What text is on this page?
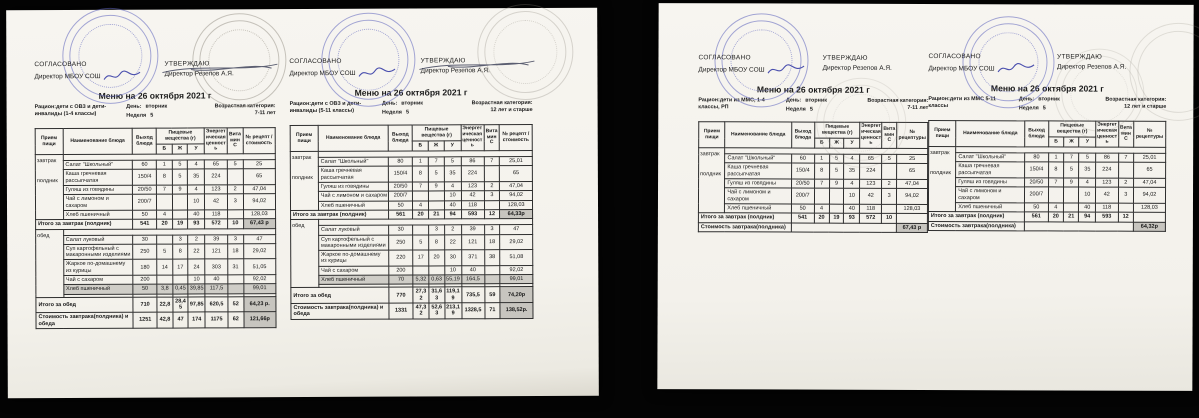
СОГЛАСОВАНО
Директор МБОУ СОШ
УТВЕРЖДАЮ
Директор Резепов А.Я.
Меню на 26 октября 2021 г
Рацион:дети с ОВЗ и дети-инвалиды (1-4 классы)
День: вторник
Неделя 5
Возрастная категория:
7-11 лет
Прием пищи	Наименование блюда	Выход блюда	Пищевые вещества (г)			Энергетическая ценность	Витамин С	№ рецепт /стоимость
			Б	Ж	У			

завтрак
полдник								

	Салат "Школьный"	60	1	5	4	65	5	25
	Каша гречневая рассыпчатая	150/4	8	5	35	224		65
	Гуляш из говядины	20/50	7	9	4	123	2	47,04
	Чай с лимоном и сахаром	200/7			10	42	3	94,02
	Хлеб пшеничный	50	4		40	118		128,03
Итого за завтрак (полдник)		541	20	19	93	572	10	67,43 р

обед								

	Салат луковый	30		3	2	39	3	47
	Суп картофельный с макаронными изделиями	250	5	8	22	121	18	29,02
	Жаркое по-домашнему из курицы	180	14	17	24	303	31	51,05
	Чай с сахаром	200			10	40		92,02
	Хлеб пшеничный	50	3,8	0,45	39,85	117,5		99,01

Итого за обед		710	22,8	28,45	97,85	620,5	52	64,23 р.
Стоимость завтрака(полдника) и обеда		1251	42,8	47	174	1175	62	121,66р
СОГЛАСОВАНО
Директор МБОУ СОШ
УТВЕРЖДАЮ
Директор Резепов А.Я.
Меню на 26 октября 2021 г
Рацион:дети с ОВЗ и дети-инвалиды (5-11 классы)
День: вторник
Неделя 5
Возрастная категория:
12 лет и старше
Прием пищи	Наименование блюда	Выход блюда	Пищевые вещества (г)			Энергетическая ценность	Витамин С	№ рецепт /стоимость
			Б	Ж	У			

завтрак
полдник								

	Салат "Школьный"	80	1	7	5	86	7	25,01
	Каша гречневая рассыпчатая	150/4	8	5	35	224		65
	Гуляш из говядины	20/50	7	9	4	123	2	47,04
	Чай с лимоном и сахаром	200/7			10	42	3	94,02
	Хлеб пшеничный	50	4		40	118		128,03
Итого за завтрак (полдник)		561	20	21	94	593	12	64,33р

обед								

	Салат луковый	30		3	2	39	3	47
	Суп картофельный с макаронными изделиями	250	5	8	22	121	18	29,02
	Жаркое по-домашнему из курицы	220	17	20	30	371	38	51,08
	Чай с сахаром	200			10	40		92,02
	Хлеб пшеничный	70	5,32	0,63	55,19	164,5		99,01

Итого за обед		770	27,32	31,63	119,19	735,5	59	74,20р
Стоимость завтрака(полдника) и обеда		1331	47,32	52,63	213,19	1328,5	71	138,52р.
СОГЛАСОВАНО
Директор МБОУ СОШ
УТВЕРЖДАЮ
Директор Резепов А.Я.
Меню на 26 октября 2021 г
Рацион:дети из ММС, 1-4 классы, РП
День: вторник
Неделя 5
Возрастная категория:
7-11 лет
Прием пищи	Наименование блюда	Выход блюда	Пищевые вещества (г)			Энергетическая ценность	Витамин С	№ рецептуры
			Б	Ж	У			

завтрак
полдник								

	Салат "Школьный"	60	1	5	4	65	5	25
	Каша гречневая рассыпчатая	150/4	8	5	35	224		65
	Гуляш из говядины	20/50	7	9	4	123	2	47,04
	Чай с лимоном и сахаром	200/7			10	42	3	94,02
	Хлеб пшеничный	50	4		40	118		128,03
Итого за завтрак (полдник)		541	20	19	93	572	10	
Стоимость завтрака(полдника)								67,43 р
СОГЛАСОВАНО
Директор МБОУ СОШ
УТВЕРЖДАЮ
Директор Резепов А.Я.
Меню на 26 октября 2021 г
Рацион:дети из ММС 5-11 классы
День: вторник
Неделя 5
Возрастная категория:
12 лет и старше
Прием пищи	Наименование блюда	Выход блюда	Пищевые вещества (г)			Энергетическая ценность	Витамин С	№ рецептуры
			Б	Ж	У			

завтрак
полдник								

	Салат "Школьный"	80	1	7	5	86	7	25,01
	Каша гречневая рассыпчатая	150/4	8	5	35	224		65
	Гуляш из говядины	20/50	7	9	4	123	2	47,04
	Чай с лимоном и сахаром	200/7			10	42	3	94,02
	Хлеб пшеничный	50	4		40	118		128,03
Итого за завтрак (полдник)		561	20	21	94	593	12	
Стоимость завтрака(полдника)								64,32р
